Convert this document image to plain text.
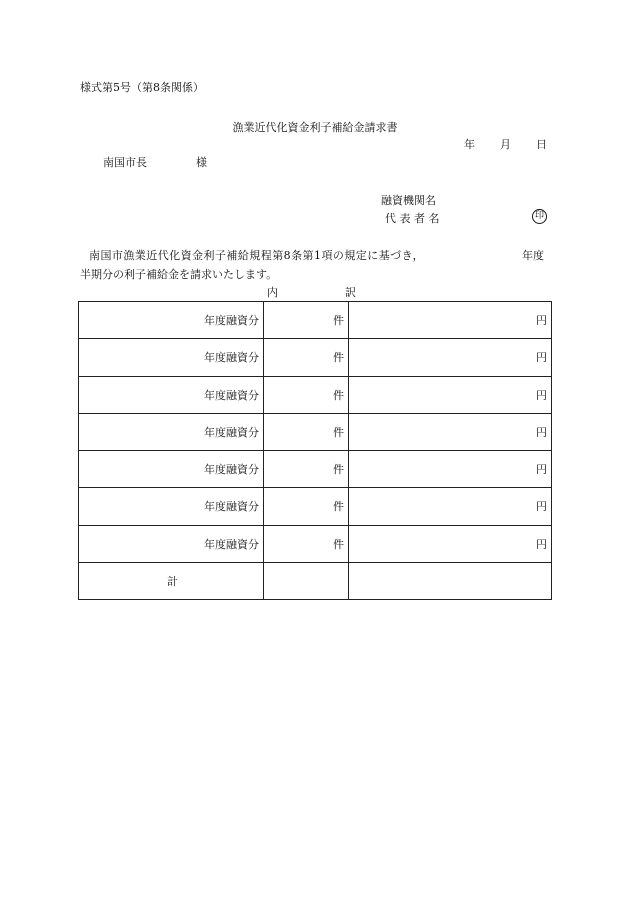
様式第5号（第8条関係）
漁業近代化資金利子補給金請求書
年 月 日
南国市長	様
融資機関名
代表者名	印
南国市漁業近代化資金利子補給規程第8条第1項の規定に基づき，	年度
半期分の利子補給金を請求いたします。
内	訳
年度融資分	件	円
年度融資分	件	円
年度融資分	件	円
年度融資分	件	円
年度融資分	件	円
年度融資分	件	円
年度融資分	件	円
計		
